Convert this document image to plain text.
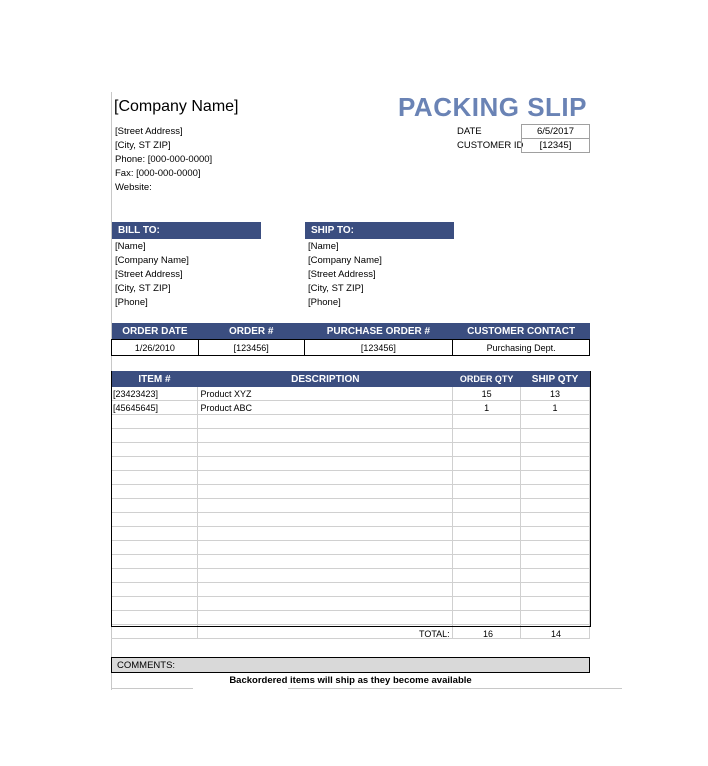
[Company Name]	PACKING SLIP
[Street Address]
[City, ST ZIP]
Phone: [000-000-0000]
Fax: [000-000-0000]
Website:
DATE	6/5/2017
CUSTOMER ID	[12345]
BILL TO:
[Name]
[Company Name]
[Street Address]
[City, ST ZIP]
[Phone]
SHIP TO:
[Name]
[Company Name]
[Street Address]
[City, ST ZIP]
[Phone]
ORDER DATE	ORDER #	PURCHASE ORDER #	CUSTOMER CONTACT
1/26/2010	[123456]	[123456]	Purchasing Dept.
ITEM #	DESCRIPTION	ORDER QTY	SHIP QTY
[23423423]	Product XYZ	15	13
[45645645]	Product ABC	1	1

TOTAL:	16	14
COMMENTS:
Backordered items will ship as they become available
